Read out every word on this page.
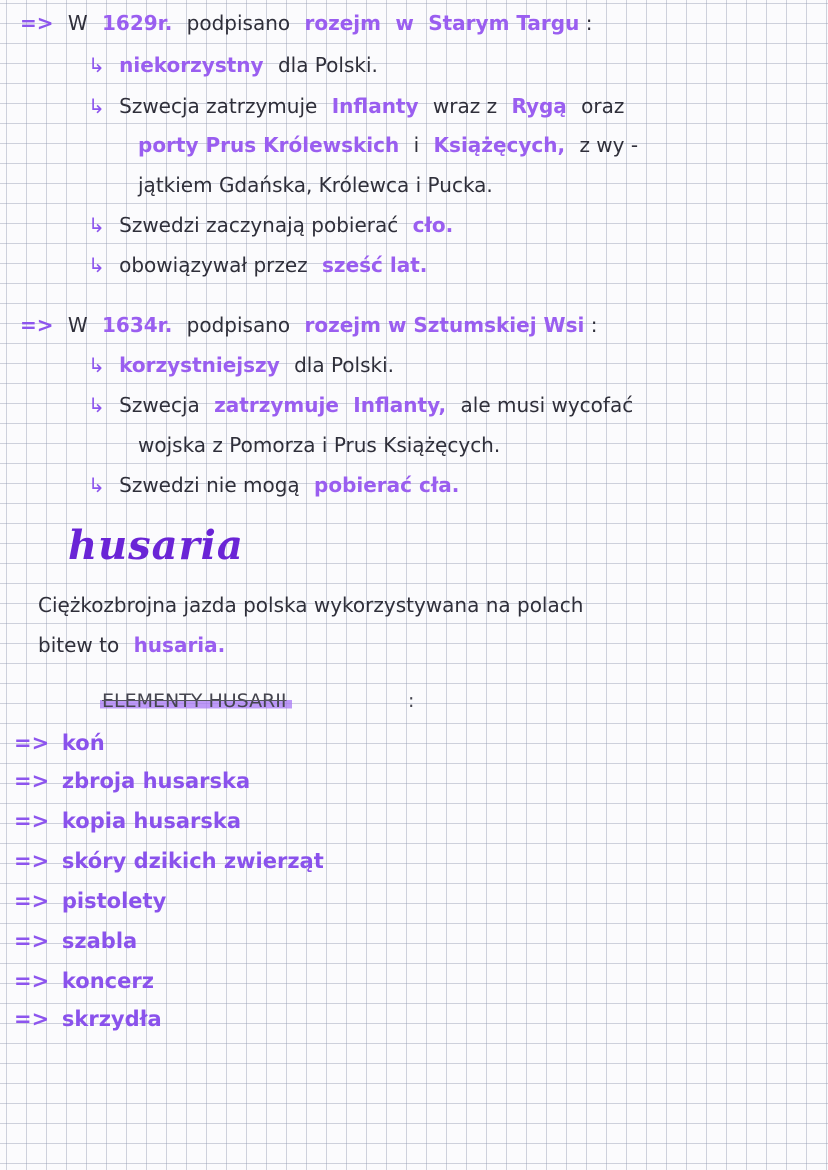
=> W 1629r. podpisano rozejm w Starym Targu :
↳ niekorzystny dla Polski.
↳ Szwecja zatrzymuje Inflanty wraz z Rygą oraz
porty Prus Królewskich i Książęcych, z wy -
jątkiem Gdańska, Królewca i Pucka.
↳ Szwedzi zaczynają pobierać cło.
↳ obowiązywał przez sześć lat.
=> W 1634r. podpisano rozejm w Sztumskiej Wsi :
↳ korzystniejszy dla Polski.
↳ Szwecja zatrzymuje Inflanty, ale musi wycofać
wojska z Pomorza i Prus Książęcych.
↳ Szwedzi nie mogą pobierać cła.
husaria
Ciężkozbrojna jazda polska wykorzystywana na polach
bitew to husaria.
ELEMENTY HUSARII	:
=> koń
=> zbroja husarska
=> kopia husarska
=> skóry dzikich zwierząt
=> pistolety
=> szabla
=> koncerz
=> skrzydła
